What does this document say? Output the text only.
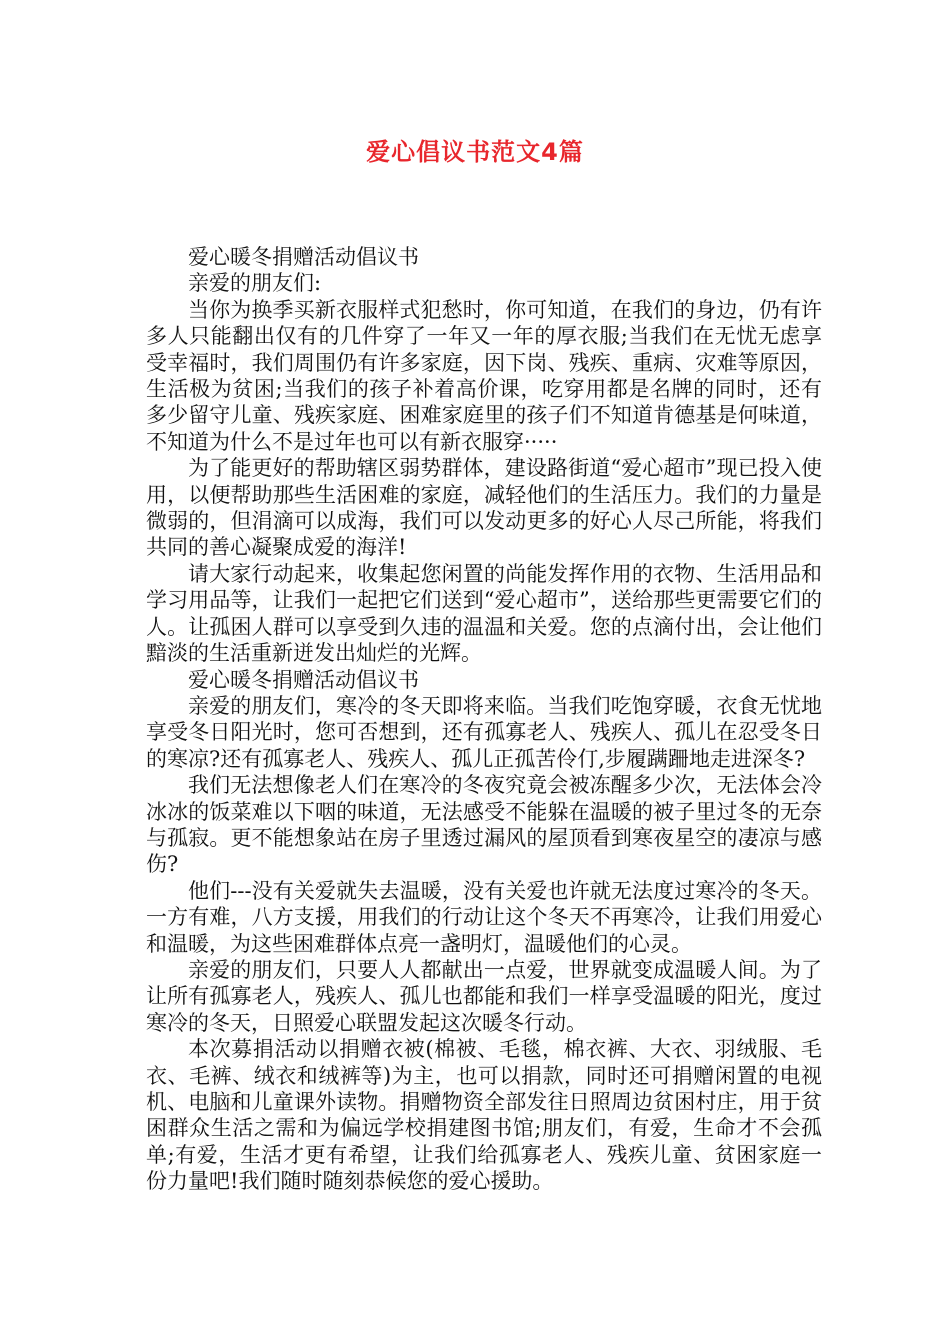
爱心倡议书范文4篇

爱心暖冬捐赠活动倡议书

亲爱的朋友们:

当你为换季买新衣服样式犯愁时，你可知道，在我们的身边，仍有许多人只能翻出仅有的几件穿了一年又一年的厚衣服;当我们在无忧无虑享受幸福时，我们周围仍有许多家庭，因下岗、残疾、重病、灾难等原因，生活极为贫困;当我们的孩子补着高价课，吃穿用都是名牌的同时，还有多少留守儿童、残疾家庭、困难家庭里的孩子们不知道肯德基是何味道，不知道为什么不是过年也可以有新衣服穿·····

为了能更好的帮助辖区弱势群体，建设路街道“爱心超市”现已投入使用，以便帮助那些生活困难的家庭，减轻他们的生活压力。我们的力量是微弱的，但涓滴可以成海，我们可以发动更多的好心人尽己所能，将我们共同的善心凝聚成爱的海洋!

请大家行动起来，收集起您闲置的尚能发挥作用的衣物、生活用品和学习用品等，让我们一起把它们送到“爱心超市”，送给那些更需要它们的人。让孤困人群可以享受到久违的温温和关爱。您的点滴付出，会让他们黯淡的生活重新迸发出灿烂的光辉。

爱心暖冬捐赠活动倡议书

亲爱的朋友们，寒冷的冬天即将来临。当我们吃饱穿暖，衣食无忧地享受冬日阳光时，您可否想到，还有孤寡老人、残疾人、孤儿在忍受冬日的寒凉?还有孤寡老人、残疾人、孤儿正孤苦伶仃,步履蹒跚地走进深冬?

我们无法想像老人们在寒冷的冬夜究竟会被冻醒多少次，无法体会冷冰冰的饭菜难以下咽的味道，无法感受不能躲在温暖的被子里过冬的无奈与孤寂。更不能想象站在房子里透过漏风的屋顶看到寒夜星空的凄凉与感伤?

他们---没有关爱就失去温暖，没有关爱也许就无法度过寒冷的冬天。一方有难，八方支援，用我们的行动让这个冬天不再寒冷，让我们用爱心和温暖，为这些困难群体点亮一盏明灯，温暖他们的心灵。

亲爱的朋友们，只要人人都献出一点爱，世界就变成温暖人间。为了让所有孤寡老人，残疾人、孤儿也都能和我们一样享受温暖的阳光，度过寒冷的冬天，日照爱心联盟发起这次暖冬行动。

本次募捐活动以捐赠衣被(棉被、毛毯，棉衣裤、大衣、羽绒服、毛衣、毛裤、绒衣和绒裤等)为主，也可以捐款，同时还可捐赠闲置的电视机、电脑和儿童课外读物。捐赠物资全部发往日照周边贫困村庄，用于贫困群众生活之需和为偏远学校捐建图书馆;朋友们，有爱，生命才不会孤单;有爱，生活才更有希望，让我们给孤寡老人、残疾儿童、贫困家庭一份力量吧!我们随时随刻恭候您的爱心援助。
